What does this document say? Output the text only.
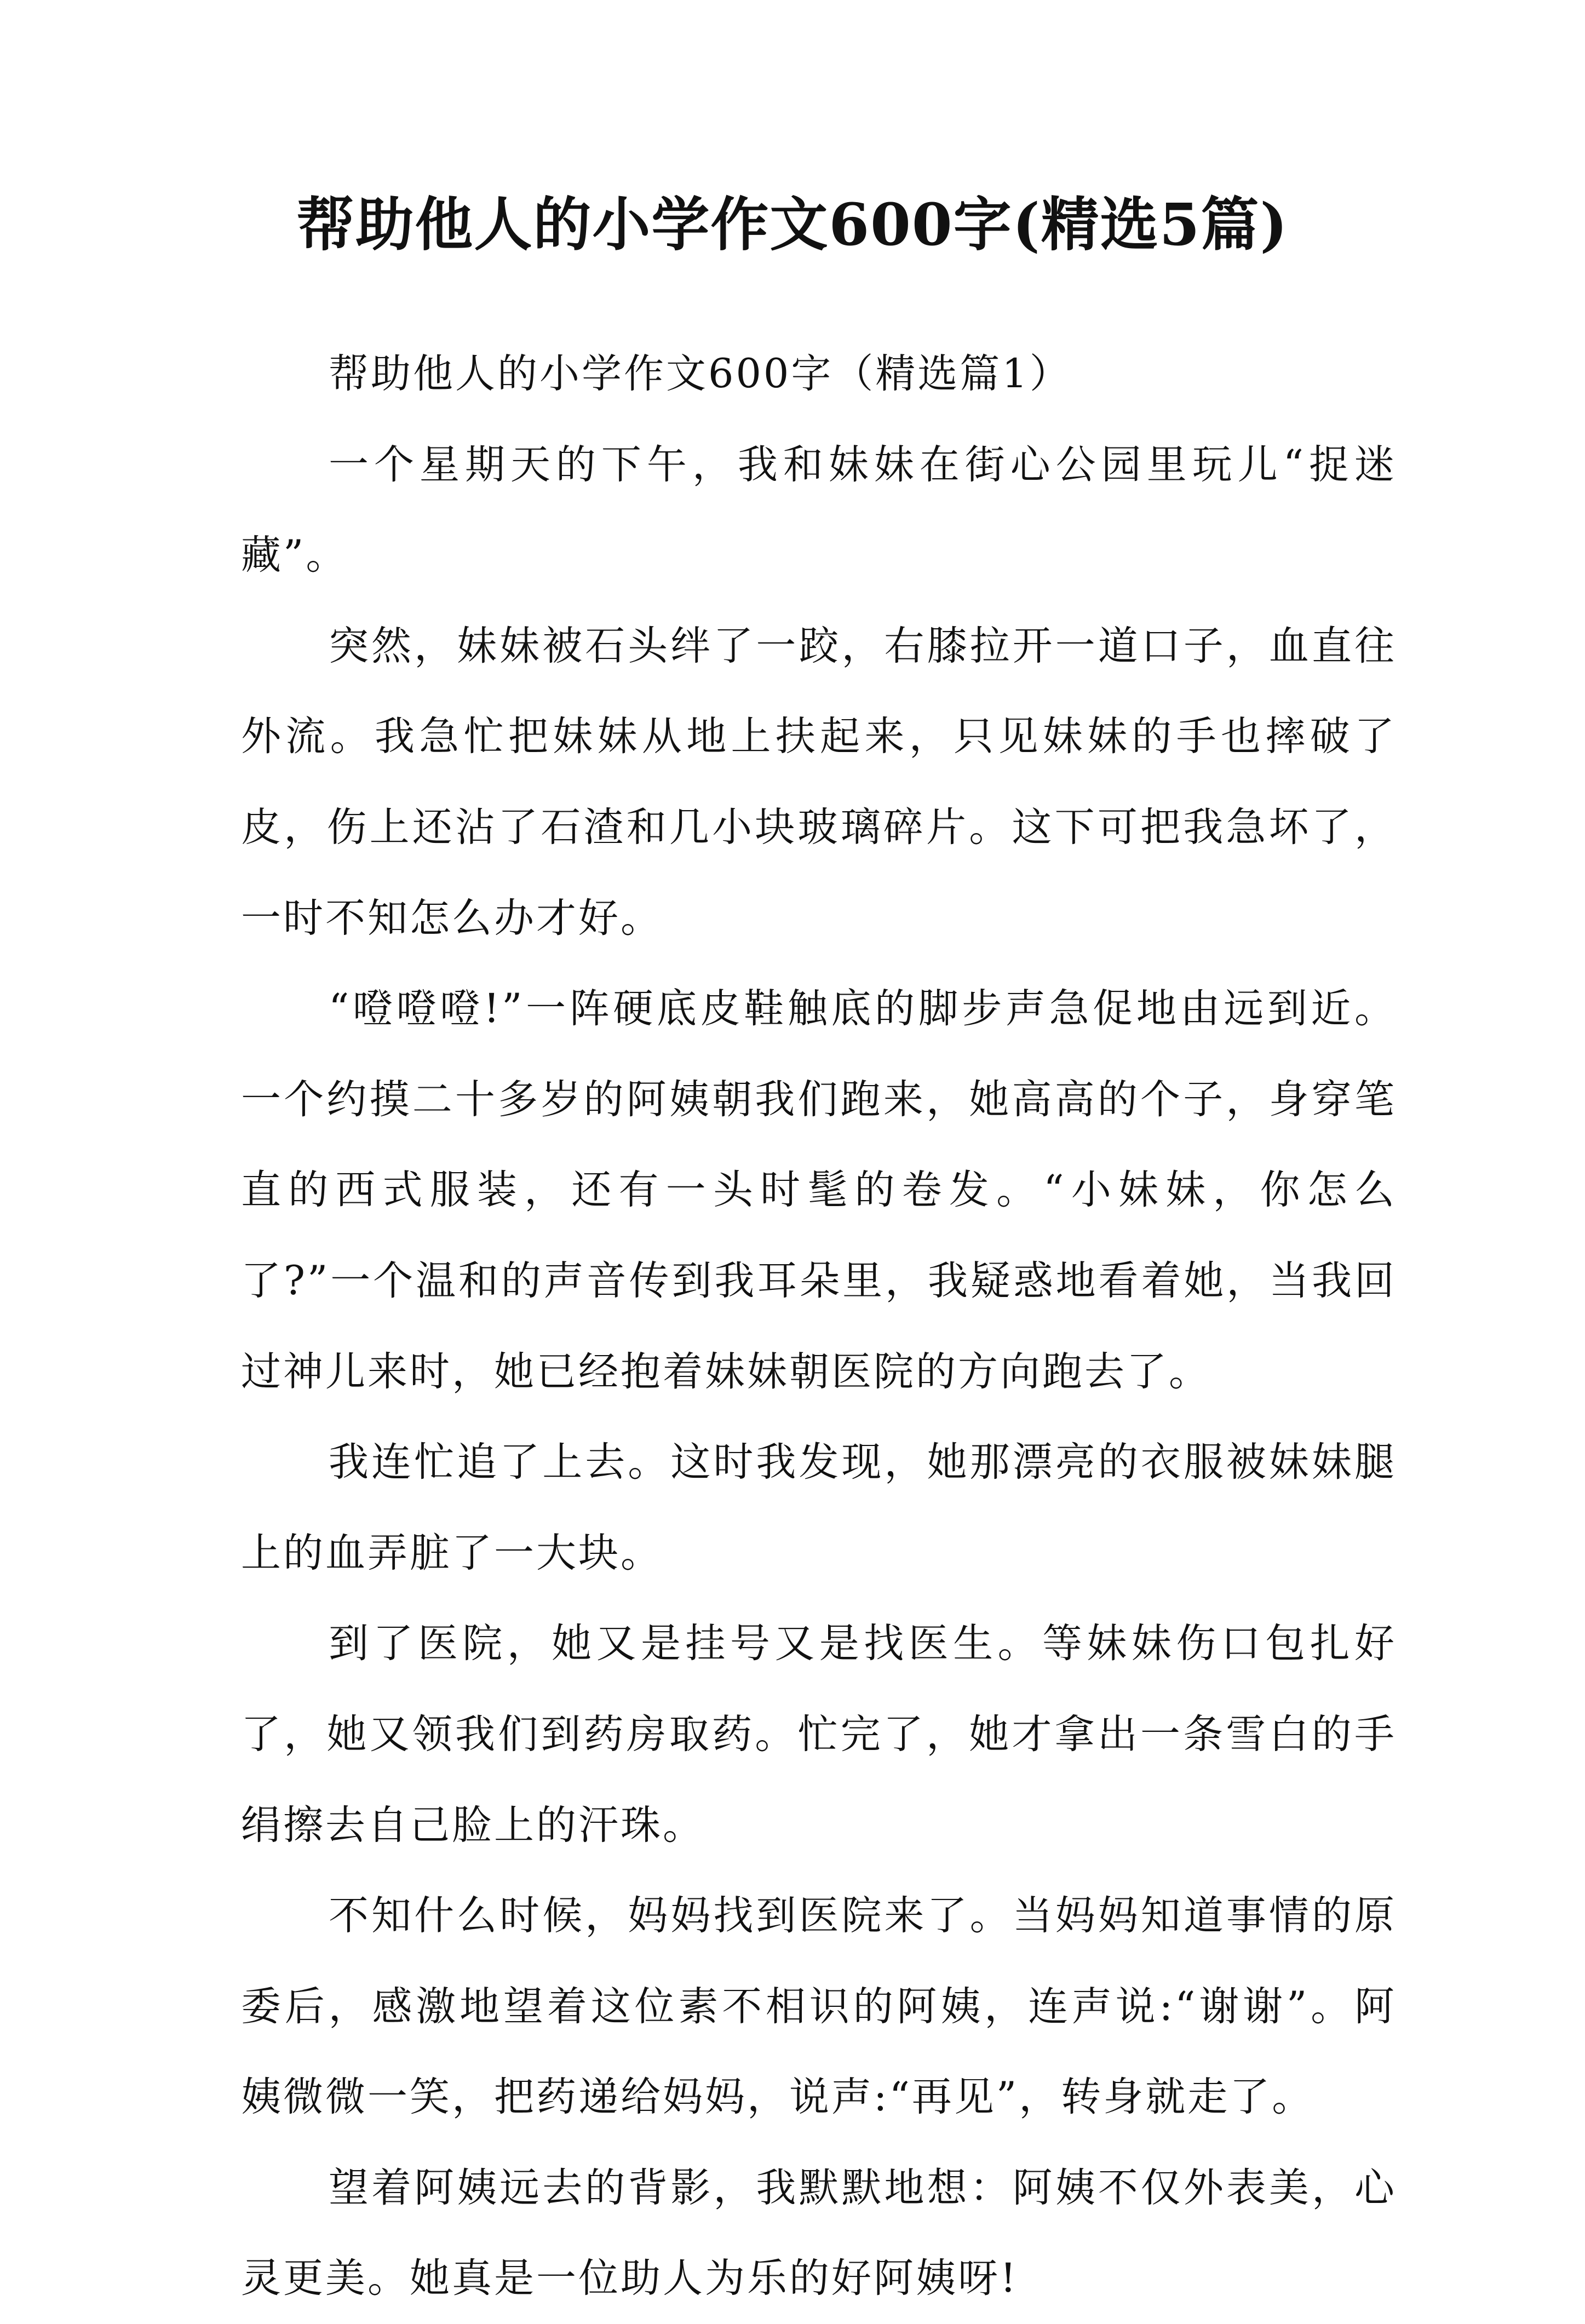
帮助他人的小学作文600字(精选5篇)

帮助他人的小学作文600字（精选篇1）

一个星期天的下午，我和妹妹在街心公园里玩儿“捉迷藏”。

突然，妹妹被石头绊了一跤，右膝拉开一道口子，血直往外流。我急忙把妹妹从地上扶起来，只见妹妹的手也摔破了皮，伤上还沾了石渣和几小块玻璃碎片。这下可把我急坏了，一时不知怎么办才好。

“噔噔噔!”一阵硬底皮鞋触底的脚步声急促地由远到近。一个约摸二十多岁的阿姨朝我们跑来，她高高的个子，身穿笔直的西式服装，还有一头时髦的卷发。“小妹妹，你怎么了?”一个温和的声音传到我耳朵里，我疑惑地看着她，当我回过神儿来时，她已经抱着妹妹朝医院的方向跑去了。

我连忙追了上去。这时我发现，她那漂亮的衣服被妹妹腿上的血弄脏了一大块。

到了医院，她又是挂号又是找医生。等妹妹伤口包扎好了，她又领我们到药房取药。忙完了，她才拿出一条雪白的手绢擦去自己脸上的汗珠。

不知什么时候，妈妈找到医院来了。当妈妈知道事情的原委后，感激地望着这位素不相识的阿姨，连声说:“谢谢”。阿姨微微一笑，把药递给妈妈，说声:“再见”，转身就走了。

望着阿姨远去的背影，我默默地想：阿姨不仅外表美，心灵更美。她真是一位助人为乐的好阿姨呀!
